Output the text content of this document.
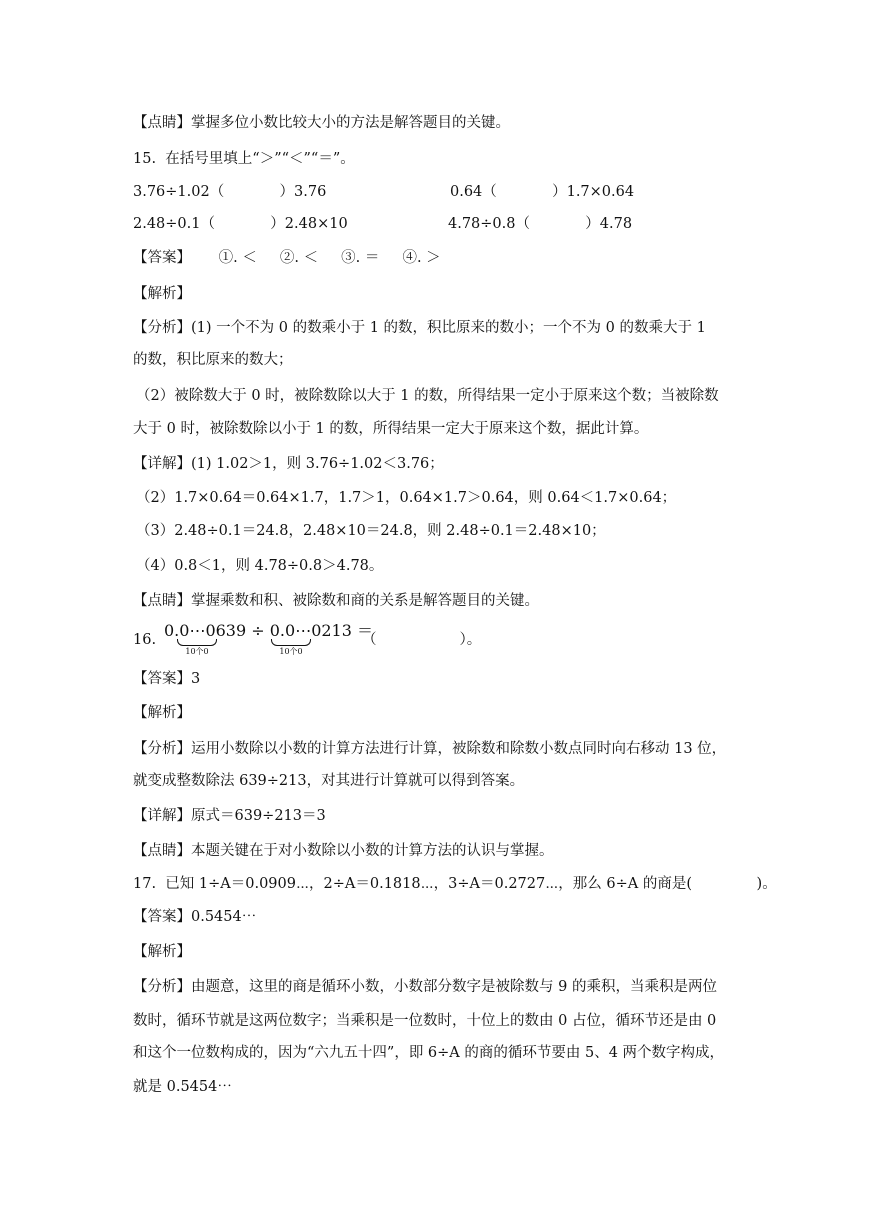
【点睛】掌握多位小数比较大小的方法是解答题目的关键。
15.  在括号里填上“＞”“＜”“＝”。
3.76÷1.02（            ）3.76	0.64（            ）1.7×0.64
2.48÷0.1（            ）2.48×10	4.78÷0.8（            ）4.78
【答案】      ①. ＜     ②. ＜     ③. ＝     ④. ＞
【解析】
【分析】(1) 一个不为 0 的数乘小于 1 的数，积比原来的数小；一个不为 0 的数乘大于 1
的数，积比原来的数大；
（2）被除数大于 0 时，被除数除以大于 1 的数，所得结果一定小于原来这个数；当被除数
大于 0 时，被除数除以小于 1 的数，所得结果一定大于原来这个数，据此计算。
【详解】(1) 1.02＞1，则 3.76÷1.02＜3.76；
（2）1.7×0.64＝0.64×1.7，1.7＞1，0.64×1.7＞0.64，则 0.64＜1.7×0.64；
（3）2.48÷0.1＝24.8，2.48×10＝24.8，则 2.48÷0.1＝2.48×10；
（4）0.8＜1，则 4.78÷0.8＞4.78。
【点睛】掌握乘数和积、被除数和商的关系是解答题目的关键。
16. 0.0⋯0639 ÷ 0.0⋯0213 ＝
10个0	10个0
（                  ）。
【答案】3
【解析】
【分析】运用小数除以小数的计算方法进行计算，被除数和除数小数点同时向右移动 13 位，
就变成整数除法 639÷213，对其进行计算就可以得到答案。
【详解】原式＝639÷213＝3
【点睛】本题关键在于对小数除以小数的计算方法的认识与掌握。
17.  已知 1÷A＝0.0909⋯，2÷A＝0.1818⋯，3÷A＝0.2727⋯，那么 6÷A 的商是(              )。
【答案】0.5454⋯
【解析】
【分析】由题意，这里的商是循环小数，小数部分数字是被除数与 9 的乘积，当乘积是两位
数时，循环节就是这两位数字；当乘积是一位数时，十位上的数由 0 占位，循环节还是由 0
和这个一位数构成的，因为“六九五十四”，即 6÷A 的商的循环节要由 5、4 两个数字构成，
就是 0.5454⋯
